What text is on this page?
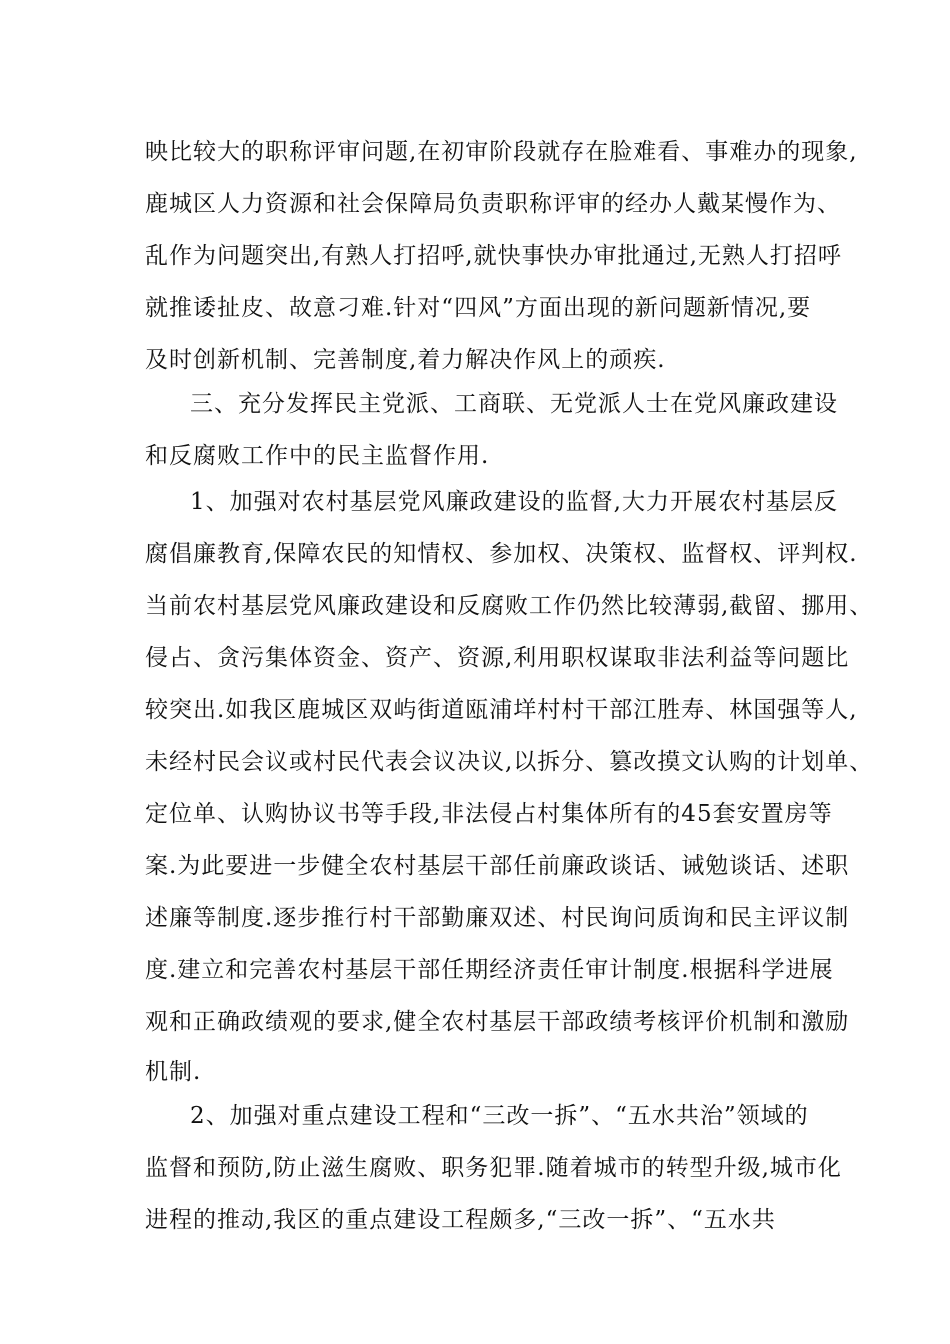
映比较大的职称评审问题,在初审阶段就存在脸难看、事难办的现象,
鹿城区人力资源和社会保障局负责职称评审的经办人戴某慢作为、
乱作为问题突出,有熟人打招呼,就快事快办审批通过,无熟人打招呼
就推诿扯皮、故意刁难.针对“四风”方面出现的新问题新情况,要
及时创新机制、完善制度,着力解决作风上的顽疾.
三、充分发挥民主党派、工商联、无党派人士在党风廉政建设
和反腐败工作中的民主监督作用.
1、加强对农村基层党风廉政建设的监督,大力开展农村基层反
腐倡廉教育,保障农民的知情权、参加权、决策权、监督权、评判权.
当前农村基层党风廉政建设和反腐败工作仍然比较薄弱,截留、挪用、
侵占、贪污集体资金、资产、资源,利用职权谋取非法利益等问题比
较突出.如我区鹿城区双屿街道瓯浦垟村村干部江胜寿、林国强等人,
未经村民会议或村民代表会议决议,以拆分、篡改摸文认购的计划单、
定位单、认购协议书等手段,非法侵占村集体所有的45套安置房等
案.为此要进一步健全农村基层干部任前廉政谈话、诫勉谈话、述职
述廉等制度.逐步推行村干部勤廉双述、村民询问质询和民主评议制
度.建立和完善农村基层干部任期经济责任审计制度.根据科学进展
观和正确政绩观的要求,健全农村基层干部政绩考核评价机制和激励
机制.
2、加强对重点建设工程和“三改一拆”、“五水共治”领域的
监督和预防,防止滋生腐败、职务犯罪.随着城市的转型升级,城市化
进程的推动,我区的重点建设工程颇多,“三改一拆”、“五水共
